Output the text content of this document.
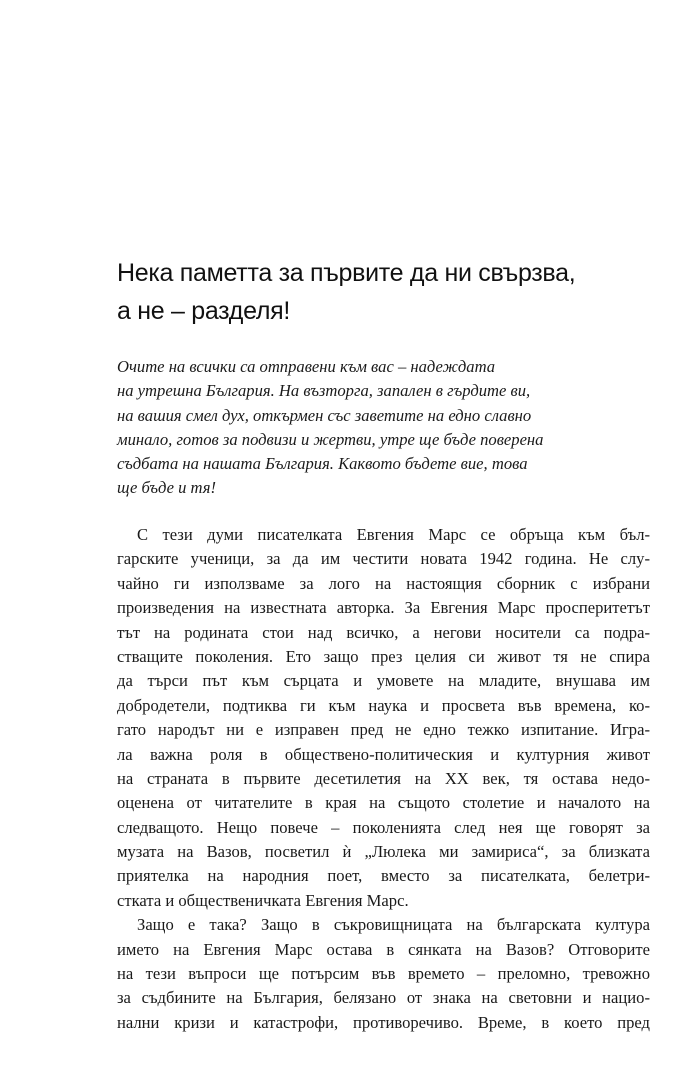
Нека паметта за първите да ни свързва,
а не – разделя!
Очите на всички са отправени към вас – надеждата
на утрешна България. На възторга, запален в гърдите ви,
на вашия смел дух, откърмен със заветите на едно славно
минало, готов за подвизи и жертви, утре ще бъде поверена
съдбата на нашата България. Каквото бъдете вие, това
ще бъде и тя!
С тези думи писателката Евгения Марс се обръща към бъл-
гарските ученици, за да им честити новата 1942 година. Не слу-
чайно ги използваме за лого на настоящия сборник с избрани
произведения на известната авторка. За Евгения Марс просперитетът
тът на родината стои над всичко, а негови носители са подра-
стващите поколения. Ето защо през целия си живот тя не спира
да търси път към сърцата и умовете на младите, внушава им
добродетели, подтиква ги към наука и просвета във времена, ко-
гато народът ни е изправен пред не едно тежко изпитание. Игра-
ла важна роля в обществено-политическия и културния живот
на страната в първите десетилетия на ХХ век, тя остава недо-
оценена от читателите в края на същото столетие и началото на
следващото. Нещо повече – поколенията след нея ще говорят за
музата на Вазов, посветил ѝ „Люлека ми замириса“, за близката
приятелка на народния поет, вместо за писателката, белетри-
стката и общественичката Евгения Марс.
Защо е така? Защо в съкровищницата на българската култура
името на Евгения Марс остава в сянката на Вазов? Отговорите
на тези въпроси ще потърсим във времето – преломно, тревожно
за съдбините на България, белязано от знака на световни и нацио-
нални кризи и катастрофи, противоречиво. Време, в което пред
